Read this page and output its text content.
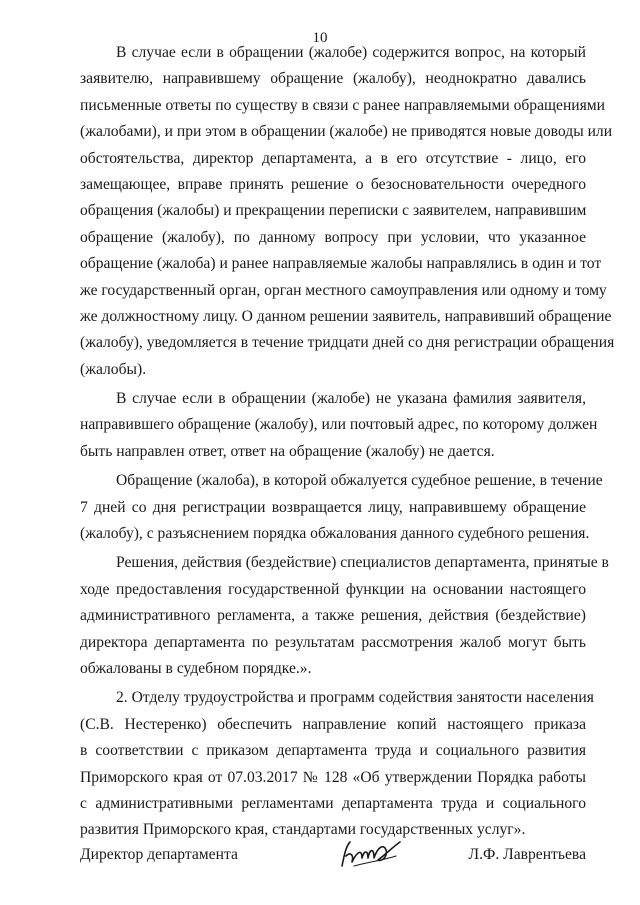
10
В случае если в обращении (жалобе) содержится вопрос, на который
заявителю, направившему обращение (жалобу), неоднократно давались
письменные ответы по существу в связи с ранее направляемыми обращениями
(жалобами), и при этом в обращении (жалобе) не приводятся новые доводы или
обстоятельства, директор департамента, а в его отсутствие - лицо, его
замещающее, вправе принять решение о безосновательности очередного
обращения (жалобы) и прекращении переписки с заявителем, направившим
обращение (жалобу), по данному вопросу при условии, что указанное
обращение (жалоба) и ранее направляемые жалобы направлялись в один и тот
же государственный орган, орган местного самоуправления или одному и тому
же должностному лицу. О данном решении заявитель, направивший обращение
(жалобу), уведомляется в течение тридцати дней со дня регистрации обращения
(жалобы).
В случае если в обращении (жалобе) не указана фамилия заявителя,
направившего обращение (жалобу), или почтовый адрес, по которому должен
быть направлен ответ, ответ на обращение (жалобу) не дается.
Обращение (жалоба), в которой обжалуется судебное решение, в течение
7 дней со дня регистрации возвращается лицу, направившему обращение
(жалобу), с разъяснением порядка обжалования данного судебного решения.
Решения, действия (бездействие) специалистов департамента, принятые в
ходе предоставления государственной функции на основании настоящего
административного регламента, а также решения, действия (бездействие)
директора департамента по результатам рассмотрения жалоб могут быть
обжалованы в судебном порядке.».
2. Отделу трудоустройства и программ содействия занятости населения
(С.В. Нестеренко) обеспечить направление копий настоящего приказа
в соответствии с приказом департамента труда и социального развития
Приморского края от 07.03.2017 № 128 «Об утверждении Порядка работы
с административными регламентами департамента труда и социального
развития Приморского края, стандартами государственных услуг».
Директор департамента	Л.Ф. Лаврентьева
